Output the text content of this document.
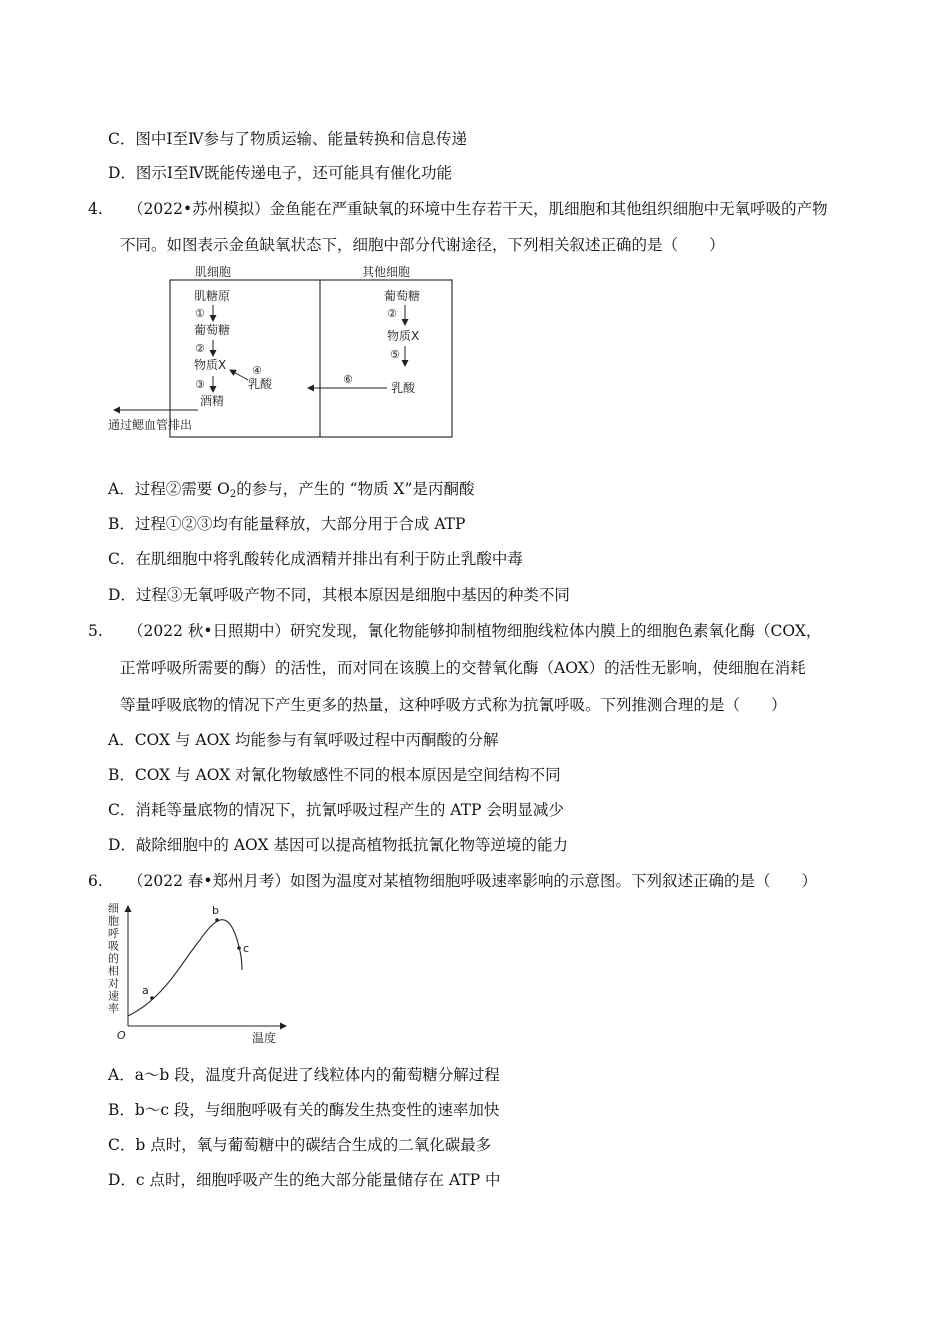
C．图中Ⅰ至Ⅳ参与了物质运输、能量转换和信息传递
D．图示Ⅰ至Ⅳ既能传递电子，还可能具有催化功能
4. （2022•苏州模拟）金鱼能在严重缺氧的环境中生存若干天，肌细胞和其他组织细胞中无氧呼吸的产物
不同。如图表示金鱼缺氧状态下，细胞中部分代谢途径，下列相关叙述正确的是（　　）
肌细胞	其他细胞
肌糖原
①
葡萄糖
②
物质X
③
酒精
通过鳃血管排出
乳酸
④
葡萄糖
②
物质X
⑤
乳酸
⑥
A．过程②需要 $O_2$的参与，产生的 “物质 X”是丙酮酸
B．过程①②③均有能量释放，大部分用于合成 ATP
C．在肌细胞中将乳酸转化成酒精并排出有利于防止乳酸中毒
D．过程③无氧呼吸产物不同，其根本原因是细胞中基因的种类不同
5. （2022 秋•日照期中）研究发现，氰化物能够抑制植物细胞线粒体内膜上的细胞色素氧化酶（COX，
正常呼吸所需要的酶）的活性，而对同在该膜上的交替氧化酶（AOX）的活性无影响，使细胞在消耗
等量呼吸底物的情况下产生更多的热量，这种呼吸方式称为抗氰呼吸。下列推测合理的是（　　）
A．COX 与 AOX 均能参与有氧呼吸过程中丙酮酸的分解
B．COX 与 AOX 对氰化物敏感性不同的根本原因是空间结构不同
C．消耗等量底物的情况下，抗氰呼吸过程产生的 ATP 会明显减少
D．敲除细胞中的 AOX 基因可以提高植物抵抗氰化物等逆境的能力
6. （2022 春•郑州月考）如图为温度对某植物细胞呼吸速率影响的示意图。下列叙述正确的是（　　）
细
胞
呼
吸
的
相
对
速
率
O	温度
a
b
c
A．a～b 段，温度升高促进了线粒体内的葡萄糖分解过程
B．b～c 段，与细胞呼吸有关的酶发生热变性的速率加快
C．b 点时，氧与葡萄糖中的碳结合生成的二氧化碳最多
D．c 点时，细胞呼吸产生的绝大部分能量储存在 ATP 中
